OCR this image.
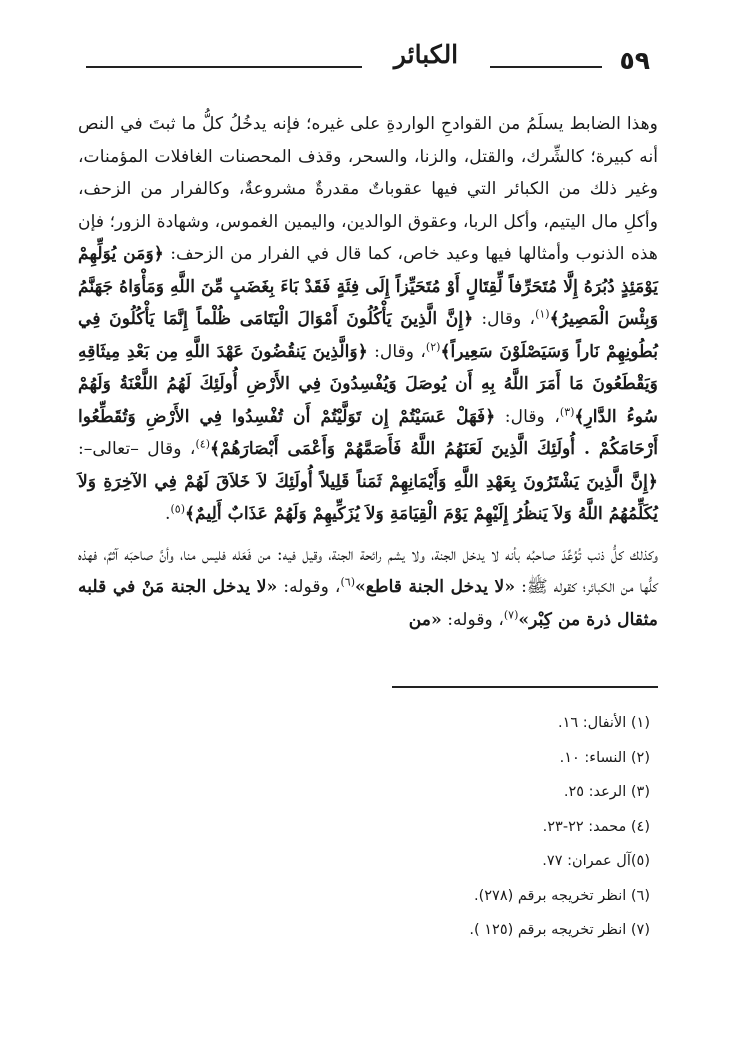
٥٩
الكبائر

وهذا الضابط يسلَمُ من القوادحِ الواردةِ على غيره؛ فإنه يدخُلُ كلُّ ما ثبتَ في النص أنه كبيرة؛ كالشِّرك، والقتل، والزنا، والسحر، وقذف المحصنات الغافلات المؤمنات، وغير ذلك من الكبائر التي فيها عقوباتٌ مقدرةٌ مشروعةٌ، وكالفرار من الزحف، وأكلِ مال اليتيم، وأكل الربا، وعقوق الوالدين، واليمين الغموس، وشهادة الزور؛ فإن هذه الذنوب وأمثالها فيها وعيد خاص، كما قال في الفرار من الزحف: ﴿وَمَن يُوَلِّهِمْ يَوْمَئِذٍ دُبُرَهُ إِلَّا مُتَحَرِّفاً لِّقِتَالٍ أَوْ مُتَحَيِّزاً إِلَى فِئَةٍ فَقَدْ بَاءَ بِغَضَبٍ مِّنَ اللَّهِ وَمَأْوَاهُ جَهَنَّمُ وَبِئْسَ الْمَصِيرُ﴾$^{(١)}$، وقال: ﴿إِنَّ الَّذِينَ يَأْكُلُونَ أَمْوَالَ الْيَتَامَى ظُلْماً إِنَّمَا يَأْكُلُونَ فِي بُطُونِهِمْ نَاراً وَسَيَصْلَوْنَ سَعِيراً﴾$^{(٢)}$، وقال: ﴿وَالَّذِينَ يَنقُضُونَ عَهْدَ اللَّهِ مِن بَعْدِ مِيثَاقِهِ وَيَقْطَعُونَ مَا أَمَرَ اللَّهُ بِهِ أَن يُوصَلَ وَيُفْسِدُونَ فِي الأَرْضِ أُولَئِكَ لَهُمُ اللَّعْنَةُ وَلَهُمْ سُوءُ الدَّارِ﴾$^{(٣)}$، وقال: ﴿فَهَلْ عَسَيْتُمْ إِن تَوَلَّيْتُمْ أَن تُفْسِدُوا فِي الأَرْضِ وَتُقَطِّعُوا أَرْحَامَكُمْ . أُولَئِكَ الَّذِينَ لَعَنَهُمُ اللَّهُ فَأَصَمَّهُمْ وَأَعْمَى أَبْصَارَهُمْ﴾$^{(٤)}$، وقال –تعالى–: ﴿إِنَّ الَّذِينَ يَشْتَرُونَ بِعَهْدِ اللَّهِ وَأَيْمَانِهِمْ ثَمَناً قَلِيلاً أُولَئِكَ لاَ خَلاَقَ لَهُمْ فِي الآخِرَةِ وَلاَ يُكَلِّمُهُمُ اللَّهُ وَلاَ يَنظُرُ إِلَيْهِمْ يَوْمَ الْقِيَامَةِ وَلاَ يُزَكِّيهِمْ وَلَهُمْ عَذَابٌ أَلِيمٌ﴾$^{(٥)}$.

وكذلك كلُّ ذنب تُوُعِّدَ صاحبُه بأنه لا يدخل الجنة، ولا يشم رائحة الجنة، وقيل فيه: من فَعَله فليس منا، وأنَّ صاحبَه آثمٌ، فهذه كلُّها من الكبائر؛ كقوله ﷺ: «لا يدخل الجنة قاطع»$^{(٦)}$، وقوله: «لا يدخل الجنة مَنْ في قلبه مثقال ذرة من كِبْر»$^{(٧)}$، وقوله: «من

(١) الأنفال: ١٦.
(٢) النساء: ١٠.
(٣) الرعد: ٢٥.
(٤) محمد: ٢٢-٢٣.
(٥)آل عمران: ٧٧.
(٦) انظر تخريجه برقم (٢٧٨).
(٧) انظر تخريجه برقم (١٢٥ ).
